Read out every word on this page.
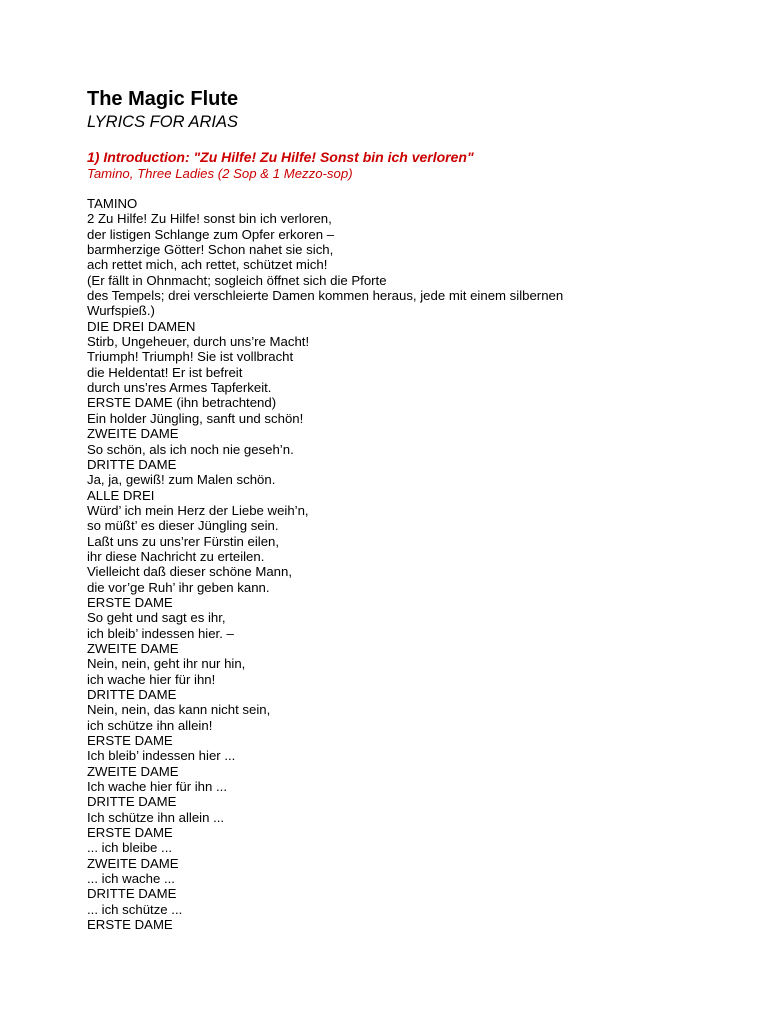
The Magic Flute
LYRICS FOR ARIAS
1) Introduction: "Zu Hilfe! Zu Hilfe! Sonst bin ich verloren"
Tamino, Three Ladies (2 Sop & 1 Mezzo-sop)
TAMINO
2 Zu Hilfe! Zu Hilfe! sonst bin ich verloren,
der listigen Schlange zum Opfer erkoren –
barmherzige Götter! Schon nahet sie sich,
ach rettet mich, ach rettet, schützet mich!
(Er fällt in Ohnmacht; sogleich öffnet sich die Pforte
des Tempels; drei verschleierte Damen kommen heraus, jede mit einem silbernen
Wurfspieß.)
DIE DREI DAMEN
Stirb, Ungeheuer, durch uns’re Macht!
Triumph! Triumph! Sie ist vollbracht
die Heldentat! Er ist befreit
durch uns’res Armes Tapferkeit.
ERSTE DAME (ihn betrachtend)
Ein holder Jüngling, sanft und schön!
ZWEITE DAME
So schön, als ich noch nie geseh’n.
DRITTE DAME
Ja, ja, gewiß! zum Malen schön.
ALLE DREI
Würd’ ich mein Herz der Liebe weih’n,
so müßt’ es dieser Jüngling sein.
Laßt uns zu uns’rer Fürstin eilen,
ihr diese Nachricht zu erteilen.
Vielleicht daß dieser schöne Mann,
die vor’ge Ruh’ ihr geben kann.
ERSTE DAME
So geht und sagt es ihr,
ich bleib’ indessen hier. –
ZWEITE DAME
Nein, nein, geht ihr nur hin,
ich wache hier für ihn!
DRITTE DAME
Nein, nein, das kann nicht sein,
ich schütze ihn allein!
ERSTE DAME
Ich bleib’ indessen hier ...
ZWEITE DAME
Ich wache hier für ihn ...
DRITTE DAME
Ich schütze ihn allein ...
ERSTE DAME
... ich bleibe ...
ZWEITE DAME
... ich wache ...
DRITTE DAME
... ich schütze ...
ERSTE DAME
